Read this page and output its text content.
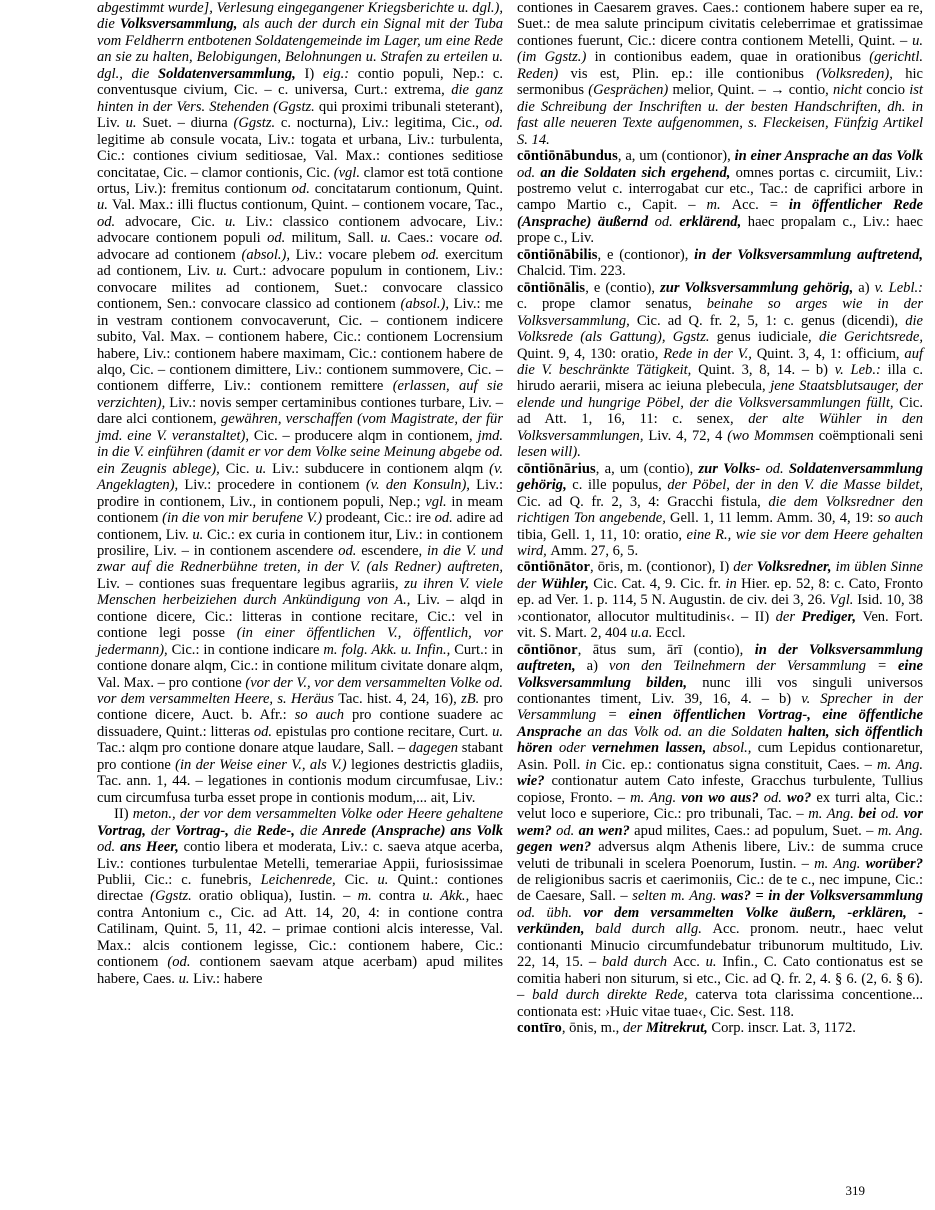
abgestimmt wurde], Verlesung eingegangener Kriegsberichte u. dgl.), die Volksversammlung, als auch der durch ein Signal mit der Tuba vom Feldherrn entbotenen Soldatengemeinde im Lager, um eine Rede an sie zu halten, Belobigungen, Belohnungen u. Strafen zu erteilen u. dgl., die Soldatenversammlung, I) eig.: contio populi, Nep.: c. conventusque civium, Cic. – c. universa, Curt.: extrema, die ganz hinten in der Vers. Stehenden (Ggstz. qui proximi tribunali steterant), Liv. u. Suet. – diurna (Ggstz. c. nocturna), Liv.: legitima, Cic., od. legitime ab consule vocata, Liv.: togata et urbana, Liv.: turbulenta, Cic.: contiones civium seditiosae, Val. Max.: contiones seditiose concitatae, Cic. – clamor contionis, Cic. (vgl. clamor est totā contione ortus, Liv.): fremitus contionum od. concitatarum contionum, Quint. u. Val. Max.: illi fluctus contionum, Quint. – contionem vocare, Tac., od. advocare, Cic. u. Liv.: classico contionem advocare, Liv.: advocare contionem populi od. militum, Sall. u. Caes.: vocare od. advocare ad contionem (absol.), Liv.: vocare plebem od. exercitum ad contionem, Liv. u. Curt.: advocare populum in contionem, Liv.: convocare milites ad contionem, Suet.: convocare classico contionem, Sen.: convocare classico ad contionem (absol.), Liv.: me in vestram contionem convocaverunt, Cic. – contionem indicere subito, Val. Max. – contionem habere, Cic.: contionem Locrensium habere, Liv.: contionem habere maximam, Cic.: contionem habere de alqo, Cic. – contionem dimittere, Liv.: contionem summovere, Cic. – contionem differre, Liv.: contionem remittere (erlassen, auf sie verzichten), Liv.: novis semper certaminibus contiones turbare, Liv. – dare alci contionem, gewähren, verschaffen (vom Magistrate, der für jmd. eine V. veranstaltet), Cic. – producere alqm in contionem, jmd. in die V. einführen (damit er vor dem Volke seine Meinung abgebe od. ein Zeugnis ablege), Cic. u. Liv.: subducere in contionem alqm (v. Angeklagten), Liv.: procedere in contionem (v. den Konsuln), Liv.: prodire in contionem, Liv., in contionem populi, Nep.; vgl. in meam contionem (in die von mir berufene V.) prodeant, Cic.: ire od. adire ad contionem, Liv. u. Cic.: ex curia in contionem itur, Liv.: in contionem prosilire, Liv. – in contionem ascendere od. escendere, in die V. und zwar auf die Rednerbühne treten, in der V. (als Redner) auftreten, Liv. – contiones suas frequentare legibus agrariis, zu ihren V. viele Menschen herbeiziehen durch Ankündigung von A., Liv. – alqd in contione dicere, Cic.: litteras in contione recitare, Cic.: vel in contione legi posse (in einer öffentlichen V., öffentlich, vor jedermann), Cic.: in contione indicare m. folg. Akk. u. Infin., Curt.: in contione donare alqm, Cic.: in contione militum civitate donare alqm, Val. Max. – pro contione (vor der V., vor dem versammelten Volke od. vor dem versammelten Heere, s. Heräus Tac. hist. 4, 24, 16), zB. pro contione dicere, Auct. b. Afr.: so auch pro contione suadere ac dissuadere, Quint.: litteras od. epistulas pro contione recitare, Curt. u. Tac.: alqm pro contione donare atque laudare, Sall. – dagegen stabant pro contione (in der Weise einer V., als V.) legiones destrictis gladiis, Tac. ann. 1, 44. – legationes in contionis modum circumfusae, Liv.: cum circumfusa turba esset prope in contionis modum,... ait, Liv.

II) meton., der vor dem versammelten Volke oder Heere gehaltene Vortrag, der Vortrag-, die Rede-, die Anrede (Ansprache) ans Volk od. ans Heer, contio libera et moderata, Liv.: c. saeva atque acerba, Liv.: contiones turbulentae Metelli, temerariae Appii, furiosissimae Publii, Cic.: c. funebris, Leichenrede, Cic. u. Quint.: contiones directae (Ggstz. oratio obliqua), Iustin. – m. contra u. Akk., haec contra Antonium c., Cic. ad Att. 14, 20, 4: in contione contra Catilinam, Quint. 5, 11, 42. – primae contioni alcis interesse, Val. Max.: alcis contionem legisse, Cic.: contionem habere, Cic.: contionem (od. contionem saevam atque acerbam) apud milites habere, Caes. u. Liv.: habere

contiones in Caesarem graves. Caes.: contionem habere super ea re, Suet.: de mea salute principum civitatis celeberrimae et gratissimae contiones fuerunt, Cic.: dicere contra contionem Metelli, Quint. – u. (im Ggstz.) in contionibus eadem, quae in orationibus (gerichtl. Reden) vis est, Plin. ep.: ille contionibus (Volksreden), hic sermonibus (Gesprächen) melior, Quint. – → contio, nicht concio ist die Schreibung der Inschriften u. der besten Handschriften, dh. in fast alle neueren Texte aufgenommen, s. Fleckeisen, Fünfzig Artikel S. 14.

cōntiōnābundus, a, um (contionor), in einer Ansprache an das Volk od. an die Soldaten sich ergehend, omnes portas c. circumiit, Liv.: postremo velut c. interrogabat cur etc., Tac.: de caprifici arbore in campo Martio c., Capit. – m. Acc. = in öffentlicher Rede (Ansprache) äußernd od. erklärend, haec propalam c., Liv.: haec prope c., Liv.

cōntiōnābilis, e (contionor), in der Volksversammlung auftretend, Chalcid. Tim. 223.

cōntiōnālis, e (contio), zur Volksversammlung gehörig, a) v. Lebl.: c. prope clamor senatus, beinahe so arges wie in der Volksversammlung, Cic. ad Q. fr. 2, 5, 1: c. genus (dicendi), die Volksrede (als Gattung), Ggstz. genus iudiciale, die Gerichtsrede, Quint. 9, 4, 130: oratio, Rede in der V., Quint. 3, 4, 1: officium, auf die V. beschränkte Tätigkeit, Quint. 3, 8, 14. – b) v. Leb.: illa c. hirudo aerarii, misera ac ieiuna plebecula, jene Staatsblutsauger, der elende und hungrige Pöbel, der die Volksversammlungen füllt, Cic. ad Att. 1, 16, 11: c. senex, der alte Wühler in den Volksversammlungen, Liv. 4, 72, 4 (wo Mommsen coëmptionali seni lesen will).

cōntiōnārius, a, um (contio), zur Volks- od. Soldatenversammlung gehörig, c. ille populus, der Pöbel, der in den V. die Masse bildet, Cic. ad Q. fr. 2, 3, 4: Gracchi fistula, die dem Volksredner den richtigen Ton angebende, Gell. 1, 11 lemm. Amm. 30, 4, 19: so auch tibia, Gell. 1, 11, 10: oratio, eine R., wie sie vor dem Heere gehalten wird, Amm. 27, 6, 5.

cōntiōnātor, ōris, m. (contionor), I) der Volksredner, im üblen Sinne der Wühler, Cic. Cat. 4, 9. Cic. fr. in Hier. ep. 52, 8: c. Cato, Fronto ep. ad Ver. 1. p. 114, 5 N. Augustin. de civ. dei 3, 26. Vgl. Isid. 10, 38 ›contionator, allocutor multitudinis‹. – II) der Prediger, Ven. Fort. vit. S. Mart. 2, 404 u.a. Eccl.

cōntiōnor, ātus sum, ārī (contio), in der Volksversammlung auftreten, a) von den Teilnehmern der Versammlung = eine Volksversammlung bilden, nunc illi vos singuli universos contionantes timent, Liv. 39, 16, 4. – b) v. Sprecher in der Versammlung = einen öffentlichen Vortrag-, eine öffentliche Ansprache an das Volk od. an die Soldaten halten, sich öffentlich hören oder vernehmen lassen, absol., cum Lepidus contionaretur, Asin. Poll. in Cic. ep.: contionatus signa constituit, Caes. – m. Ang. wie? contionatur autem Cato infeste, Gracchus turbulente, Tullius copiose, Fronto. – m. Ang. von wo aus? od. wo? ex turri alta, Cic.: velut loco e superiore, Cic.: pro tribunali, Tac. – m. Ang. bei od. vor wem? od. an wen? apud milites, Caes.: ad populum, Suet. – m. Ang. gegen wen? adversus alqm Athenis libere, Liv.: de summa cruce veluti de tribunali in scelera Poenorum, Iustin. – m. Ang. worüber? de religionibus sacris et caerimoniis, Cic.: de te c., nec impune, Cic.: de Caesare, Sall. – selten m. Ang. was? = in der Volksversammlung od. übh. vor dem versammelten Volke äußern, -erklären, -verkünden, bald durch allg. Acc. pronom. neutr., haec velut contionanti Minucio circumfundebatur tribunorum multitudo, Liv. 22, 14, 15. – bald durch Acc. u. Infin., C. Cato contionatus est se comitia haberi non siturum, si etc., Cic. ad Q. fr. 2, 4. § 6. (2, 6. § 6). – bald durch direkte Rede, caterva tota clarissima concentione... contionata est: ›Huic vitae tuae‹, Cic. Sest. 118.

contīro, ōnis, m., der Mitrekrut, Corp. inscr. Lat. 3, 1172.

319
